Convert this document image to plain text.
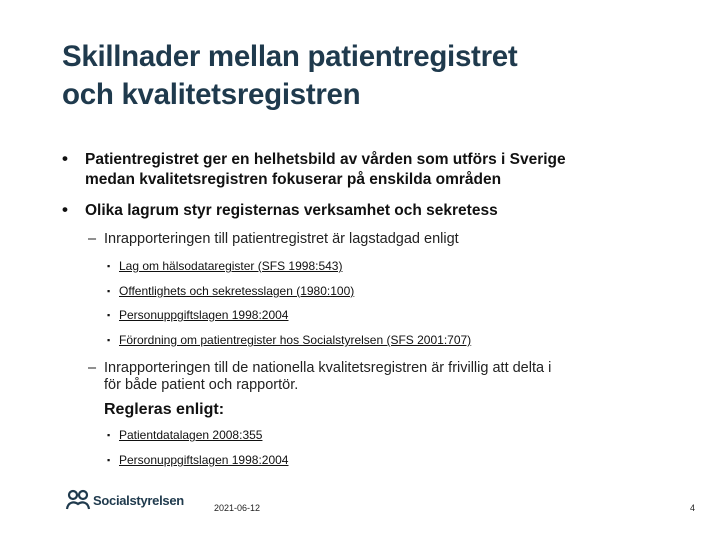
Skillnader mellan patientregistret
och kvalitetsregistren
• Patientregistret ger en helhetsbild av vården som utförs i Sverige
medan kvalitetsregistren fokuserar på enskilda områden
• Olika lagrum styr registernas verksamhet och sekretess
– Inrapporteringen till patientregistret är lagstadgad enligt
▪ Lag om hälsodataregister (SFS 1998:543)
▪ Offentlighets och sekretesslagen (1980:100)
▪ Personuppgiftslagen 1998:2004
▪ Förordning om patientregister hos Socialstyrelsen (SFS 2001:707)
– Inrapporteringen till de nationella kvalitetsregistren är frivillig att delta i
för både patient och rapportör.
Regleras enligt:
▪ Patientdatalagen 2008:355
▪ Personuppgiftslagen 1998:2004
Socialstyrelsen
2021-06-12	4
